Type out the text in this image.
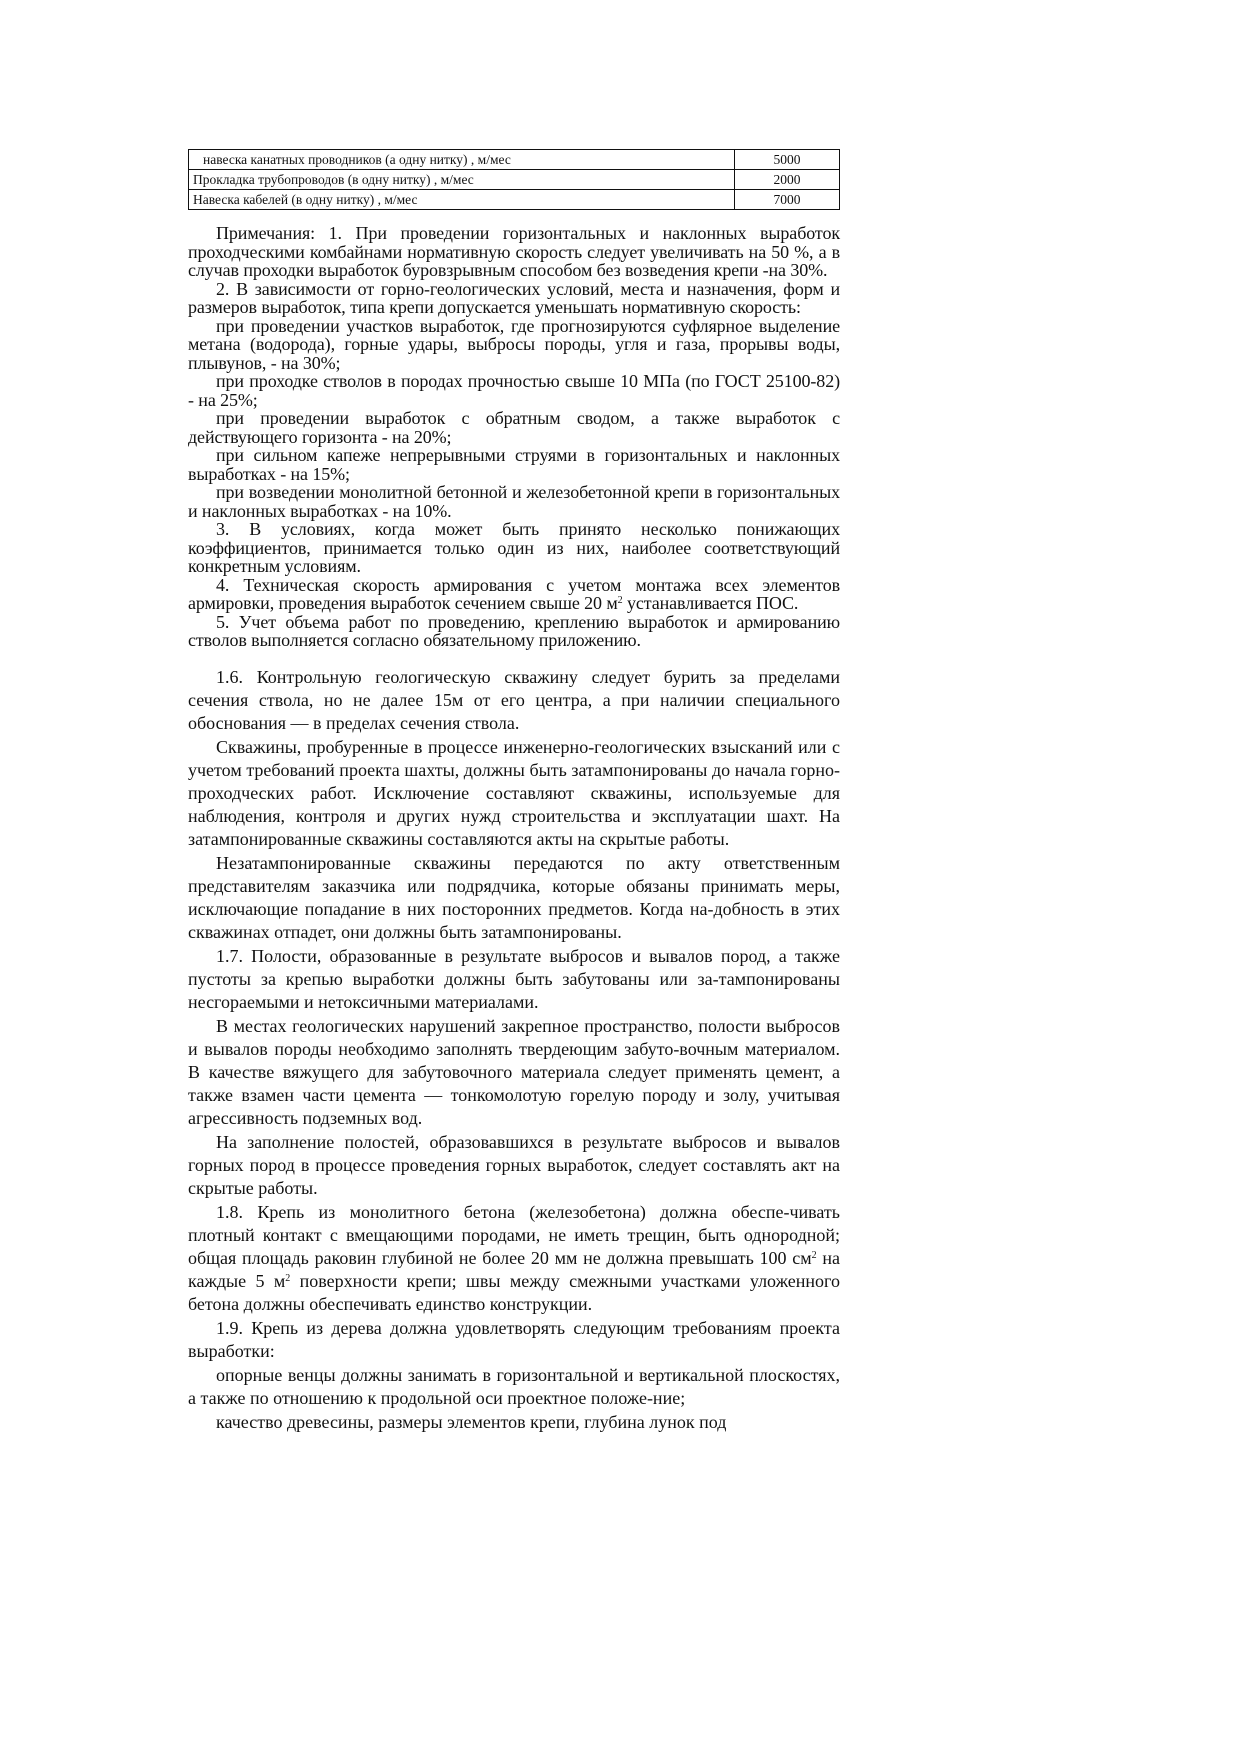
навеска канатных проводников (а одну нитку) , м/мес	5000
Прокладка трубопроводов (в одну нитку) , м/мес	2000
Навеска кабелей (в одну нитку) , м/мес	7000

Примечания: 1. При проведении горизонтальных и наклонных выработок проходческими комбайнами нормативную скорость следует увеличивать на 50 %, а в случав проходки выработок буровзрывным способом без возведения крепи -на 30%.

2. В зависимости от горно-геологических условий, места и назначения, форм и размеров выработок, типа крепи допускается уменьшать нормативную скорость:

при проведении участков выработок, где прогнозируются суфлярное выделение метана (водорода), горные удары, выбросы породы, угля и газа, прорывы воды, плывунов, - на 30%;

при проходке стволов в породах прочностью свыше 10 МПа (по ГОСТ 25100-82) - на 25%;

при проведении выработок с обратным сводом, а также выработок с действующего горизонта - на 20%;

при сильном капеже непрерывными струями в горизонтальных и наклонных выработках - на 15%;

при возведении монолитной бетонной и железобетонной крепи в горизонтальных и наклонных выработках - на 10%.

3. В условиях, когда может быть принято несколько понижающих коэффициентов, принимается только один из них, наиболее соответствующий конкретным условиям.

4. Техническая скорость армирования с учетом монтажа всех элементов армировки, проведения выработок сечением свыше 20 $м^2$ устанавливается ПОС.

5. Учет объема работ по проведению, креплению выработок и армированию стволов выполняется согласно обязательному приложению.

1.6. Контрольную геологическую скважину следует бурить за пределами сечения ствола, но не далее 15м от его центра, а при наличии специального обоснования — в пределах сечения ствола.

Скважины, пробуренные в процессе инженерно-геологических взысканий или с учетом требований проекта шахты, должны быть затампонированы до начала горно-проходческих работ. Исключение составляют скважины, используемые для наблюдения, контроля и других нужд строительства и эксплуатации шахт. На затампонированные скважины составляются акты на скрытые работы.

Незатампонированные скважины передаются по акту ответственным представителям заказчика или подрядчика, которые обязаны принимать меры, исключающие попадание в них посторонних предметов. Когда на-добность в этих скважинах отпадет, они должны быть затампонированы.

1.7. Полости, образованные в результате выбросов и вывалов пород, а также пустоты за крепью выработки должны быть забутованы или за-тампонированы несгораемыми и нетоксичными материалами.

В местах геологических нарушений закрепное пространство, полости выбросов и вывалов породы необходимо заполнять твердеющим забуто-вочным материалом. В качестве вяжущего для забутовочного материала следует применять цемент, а также взамен части цемента — тонкомолотую горелую породу и золу, учитывая агрессивность подземных вод.

На заполнение полостей, образовавшихся в результате выбросов и вывалов горных пород в процессе проведения горных выработок, следует составлять акт на скрытые работы.

1.8. Крепь из монолитного бетона (железобетона) должна обеспе-чивать плотный контакт с вмещающими породами, не иметь трещин, быть однородной; общая площадь раковин глубиной не более 20 мм не должна превышать 100 $см^2$ на каждые 5 $м^2$ поверхности крепи; швы между смежными участками уложенного бетона должны обеспечивать единство конструкции.

1.9. Крепь из дерева должна удовлетворять следующим требованиям проекта выработки:

опорные венцы должны занимать в горизонтальной и вертикальной плоскостях, а также по отношению к продольной оси проектное положе-ние;

качество древесины, размеры элементов крепи, глубина лунок под
